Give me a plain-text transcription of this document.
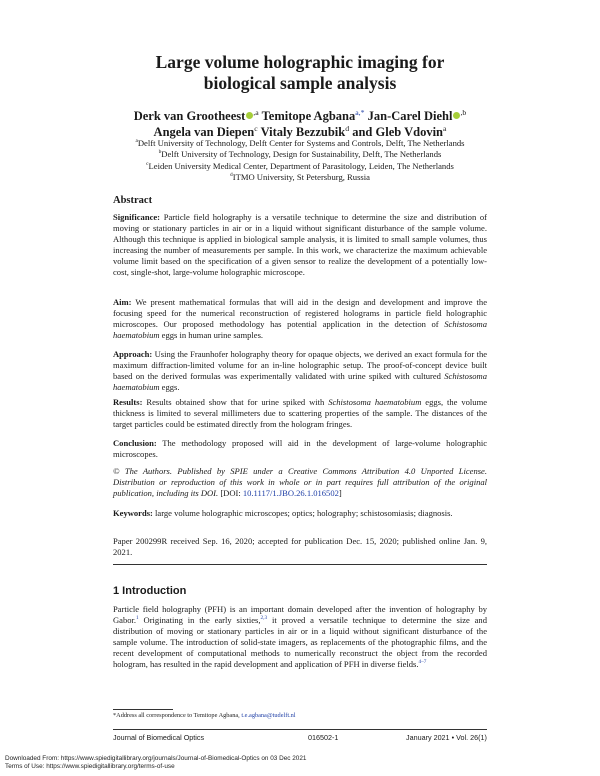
Large volume holographic imaging for
biological sample analysis
Derk van Grootheest $^{,a}$ Temitope Agbana$^{a,*}$ Jan-Carel Diehl $^{,b}$
Angela van Diepen$^c$ Vitaly Bezzubik$^d$ and Gleb Vdovin$^a$
$^a$Delft University of Technology, Delft Center for Systems and Controls, Delft, The Netherlands
$^b$Delft University of Technology, Design for Sustainability, Delft, The Netherlands
$^c$Leiden University Medical Center, Department of Parasitology, Leiden, The Netherlands
$^d$ITMO University, St Petersburg, Russia
Abstract

Significance: Particle field holography is a versatile technique to determine the size and distribution of moving or stationary particles in air or in a liquid without significant disturbance of the sample volume. Although this technique is applied in biological sample analysis, it is limited to small sample volumes, thus increasing the number of measurements per sample. In this work, we characterize the maximum achievable volume limit based on the specification of a given sensor to realize the development of a potentially low-cost, single-shot, large-volume holographic microscope.

Aim: We present mathematical formulas that will aid in the design and development and improve the focusing speed for the numerical reconstruction of registered holograms in particle field holographic microscopes. Our proposed methodology has potential application in the detection of Schistosoma haematobium eggs in human urine samples.

Approach: Using the Fraunhofer holography theory for opaque objects, we derived an exact formula for the maximum diffraction-limited volume for an in-line holographic setup. The proof-of-concept device built based on the derived formulas was experimentally validated with urine spiked with cultured Schistosoma haematobium eggs.

Results: Results obtained show that for urine spiked with Schistosoma haematobium eggs, the volume thickness is limited to several millimeters due to scattering properties of the sample. The distances of the target particles could be estimated directly from the hologram fringes.

Conclusion: The methodology proposed will aid in the development of large-volume holographic microscopes.

© The Authors. Published by SPIE under a Creative Commons Attribution 4.0 Unported License. Distribution or reproduction of this work in whole or in part requires full attribution of the original publication, including its DOI. [DOI: 10.1117/1.JBO.26.1.016502]

Keywords: large volume holographic microscopes; optics; holography; schistosomiasis; diagnosis.

Paper 200299R received Sep. 16, 2020; accepted for publication Dec. 15, 2020; published online Jan. 9, 2021.

1 Introduction
Particle field holography (PFH) is an important domain developed after the invention of holography by Gabor.$^1$ Originating in the early sixties,$^{2,3}$ it proved a versatile technique to determine the size and distribution of moving or stationary particles in air or in a liquid without significant disturbance of the sample volume. The introduction of solid-state imagers, as replacements of the photographic films, and the recent development of computational methods to numerically reconstruct the object from the recorded hologram, has resulted in the rapid development and application of PFH in diverse fields.$^{4-7}$
*Address all correspondence to Temitope Agbana, t.e.agbana@tudelft.nl
Journal of Biomedical Optics	016502-1	January 2021 • Vol. 26(1)
Downloaded From: https://www.spiedigitallibrary.org/journals/Journal-of-Biomedical-Optics on 03 Dec 2021
Terms of Use: https://www.spiedigitallibrary.org/terms-of-use
